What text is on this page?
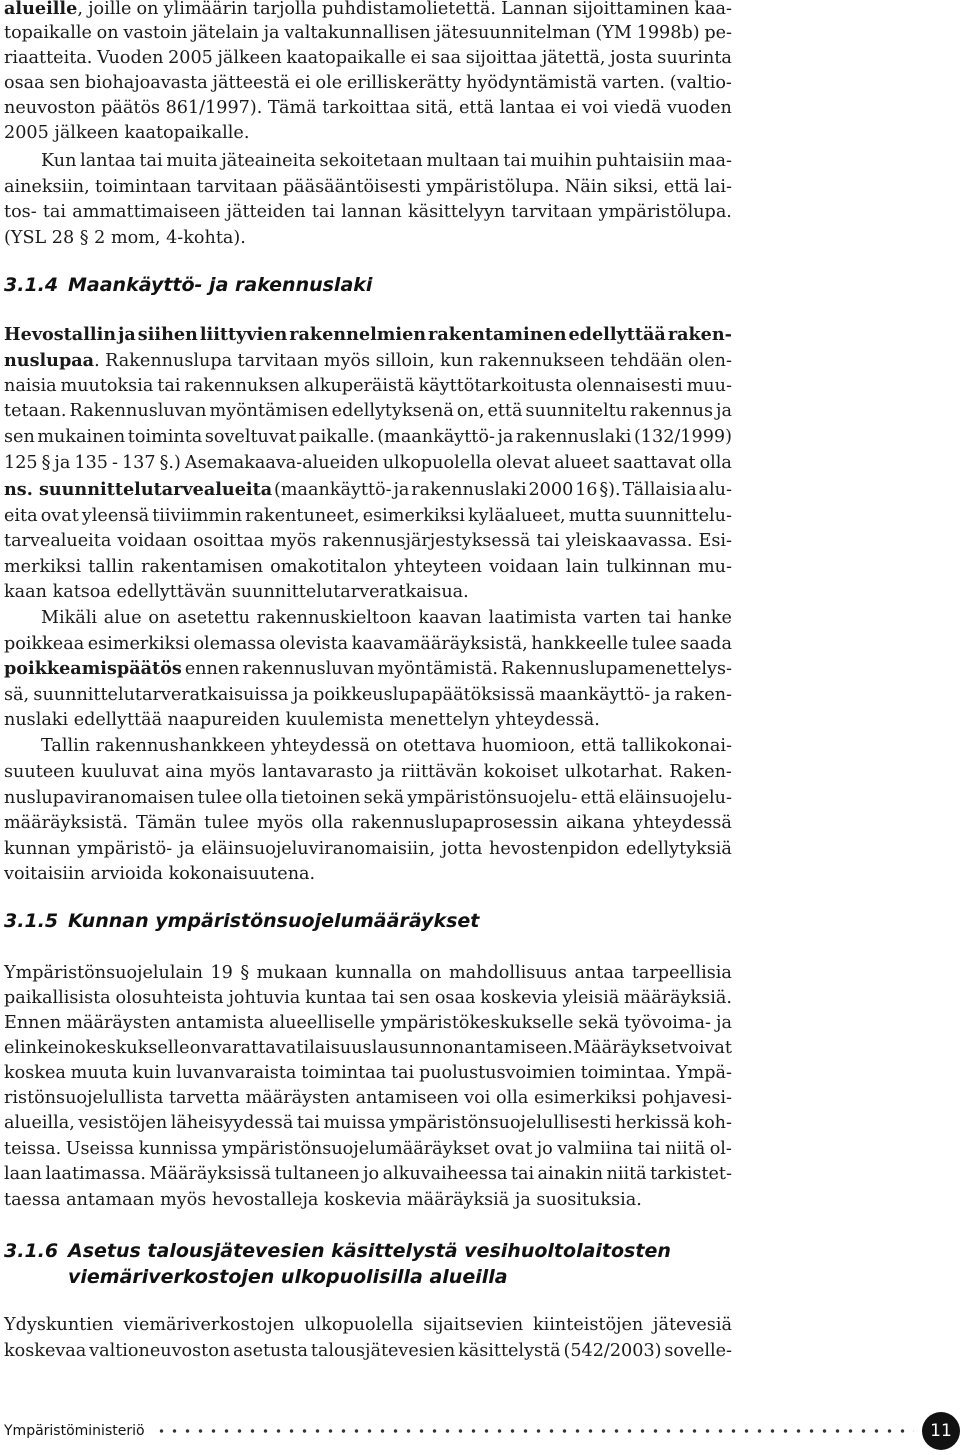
alueille, joille on ylimäärin tarjolla puhdistamolietettä. Lannan sijoittaminen kaa-
topaikalle on vastoin jätelain ja valtakunnallisen jätesuunnitelman (YM 1998b) pe-
riaatteita. Vuoden 2005 jälkeen kaatopaikalle ei saa sijoittaa jätettä, josta suurinta
osaa sen biohajoavasta jätteestä ei ole erilliskerätty hyödyntämistä varten. (valtio-
neuvoston päätös 861/1997). Tämä tarkoittaa sitä, että lantaa ei voi viedä vuoden
2005 jälkeen kaatopaikalle.
Kun lantaa tai muita jäteaineita sekoitetaan multaan tai muihin puhtaisiin maa-
aineksiin, toimintaan tarvitaan pääsääntöisesti ympäristölupa. Näin siksi, että lai-
tos- tai ammattimaiseen jätteiden tai lannan käsittelyyn tarvitaan ympäristölupa.
(YSL 28 § 2 mom, 4-kohta).
Hevostallin ja siihen liittyvien rakennelmien rakentaminen edellyttää raken-
nuslupaa. Rakennuslupa tarvitaan myös silloin, kun rakennukseen tehdään olen-
naisia muutoksia tai rakennuksen alkuperäistä käyttötarkoitusta olennaisesti muu-
tetaan. Rakennusluvan myöntämisen edellytyksenä on, että suunniteltu rakennus ja
sen mukainen toiminta soveltuvat paikalle. (maankäyttö- ja rakennuslaki (132/1999)
125 § ja 135 - 137 §.) Asemakaava-alueiden ulkopuolella olevat alueet saattavat olla
ns. suunnittelutarvealueita (maankäyttö- ja rakennuslaki 2000 16 §). Tällaisia alu-
eita ovat yleensä tiiviimmin rakentuneet, esimerkiksi kyläalueet, mutta suunnittelu-
tarvealueita voidaan osoittaa myös rakennusjärjestyksessä tai yleiskaavassa. Esi-
merkiksi tallin rakentamisen omakotitalon yhteyteen voidaan lain tulkinnan mu-
kaan katsoa edellyttävän suunnittelutarveratkaisua.
Mikäli alue on asetettu rakennuskieltoon kaavan laatimista varten tai hanke
poikkeaa esimerkiksi olemassa olevista kaavamääräyksistä, hankkeelle tulee saada
poikkeamispäätös ennen rakennusluvan myöntämistä. Rakennuslupamenettelys-
sä, suunnittelutarveratkaisuissa ja poikkeuslupapäätöksissä maankäyttö- ja raken-
nuslaki edellyttää naapureiden kuulemista menettelyn yhteydessä.
Tallin rakennushankkeen yhteydessä on otettava huomioon, että tallikokonai-
suuteen kuuluvat aina myös lantavarasto ja riittävän kokoiset ulkotarhat. Raken-
nuslupaviranomaisen tulee olla tietoinen sekä ympäristönsuojelu- että eläinsuojelu-
määräyksistä. Tämän tulee myös olla rakennuslupaprosessin aikana yhteydessä
kunnan ympäristö- ja eläinsuojeluviranomaisiin, jotta hevostenpidon edellytyksiä
voitaisiin arvioida kokonaisuutena.
Ympäristönsuojelulain 19 § mukaan kunnalla on mahdollisuus antaa tarpeellisia
paikallisista olosuhteista johtuvia kuntaa tai sen osaa koskevia yleisiä määräyksiä.
Ennen määräysten antamista alueelliselle ympäristökeskukselle sekä työvoima- ja
elinkeinokeskukselle on varattava tilaisuus lausunnon antamiseen. Määräykset voivat
koskea muuta kuin luvanvaraista toimintaa tai puolustusvoimien toimintaa. Ympä-
ristönsuojelullista tarvetta määräysten antamiseen voi olla esimerkiksi pohjavesi-
alueilla, vesistöjen läheisyydessä tai muissa ympäristönsuojelullisesti herkissä koh-
teissa. Useissa kunnissa ympäristönsuojelumääräykset ovat jo valmiina tai niitä ol-
laan laatimassa. Määräyksissä tultaneen jo alkuvaiheessa tai ainakin niitä tarkistet-
taessa antamaan myös hevostalleja koskevia määräyksiä ja suosituksia.
Ydyskuntien viemäriverkostojen ulkopuolella sijaitsevien kiinteistöjen jätevesiä
koskevaa valtioneuvoston asetusta talousjätevesien käsittelystä (542/2003) sovelle-
3.1.4 Maankäyttö- ja rakennuslaki
3.1.5 Kunnan ympäristönsuojelumääräykset
3.1.6 Asetus talousjätevesien käsittelystä vesihuoltolaitosten
viemäriverkostojen ulkopuolisilla alueilla
Ympäristöministeriö	11
